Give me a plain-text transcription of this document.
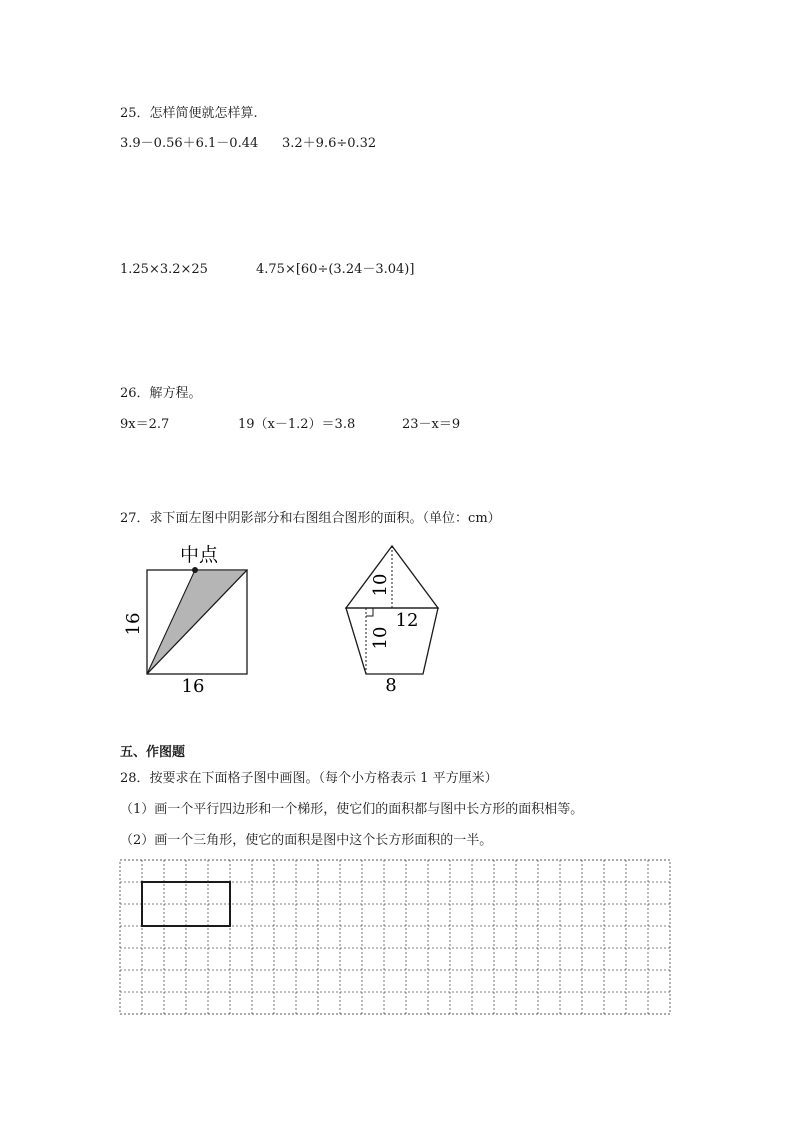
25．怎样简便就怎样算.
3.9－0.56＋6.1－0.44 3.2＋9.6÷0.32
1.25×3.2×25	4.75×[60÷(3.24－3.04)]
26．解方程。
9x＝2.7	19（x－1.2）＝3.8	23－x＝9
27．求下面左图中阴影部分和右图组合图形的面积。（单位：cm）
中点
16
16
10
12
10
8
五、作图题
28．按要求在下面格子图中画图。（每个小方格表示 1 平方厘米）
（1）画一个平行四边形和一个梯形，使它们的面积都与图中长方形的面积相等。
（2）画一个三角形，使它的面积是图中这个长方形面积的一半。
